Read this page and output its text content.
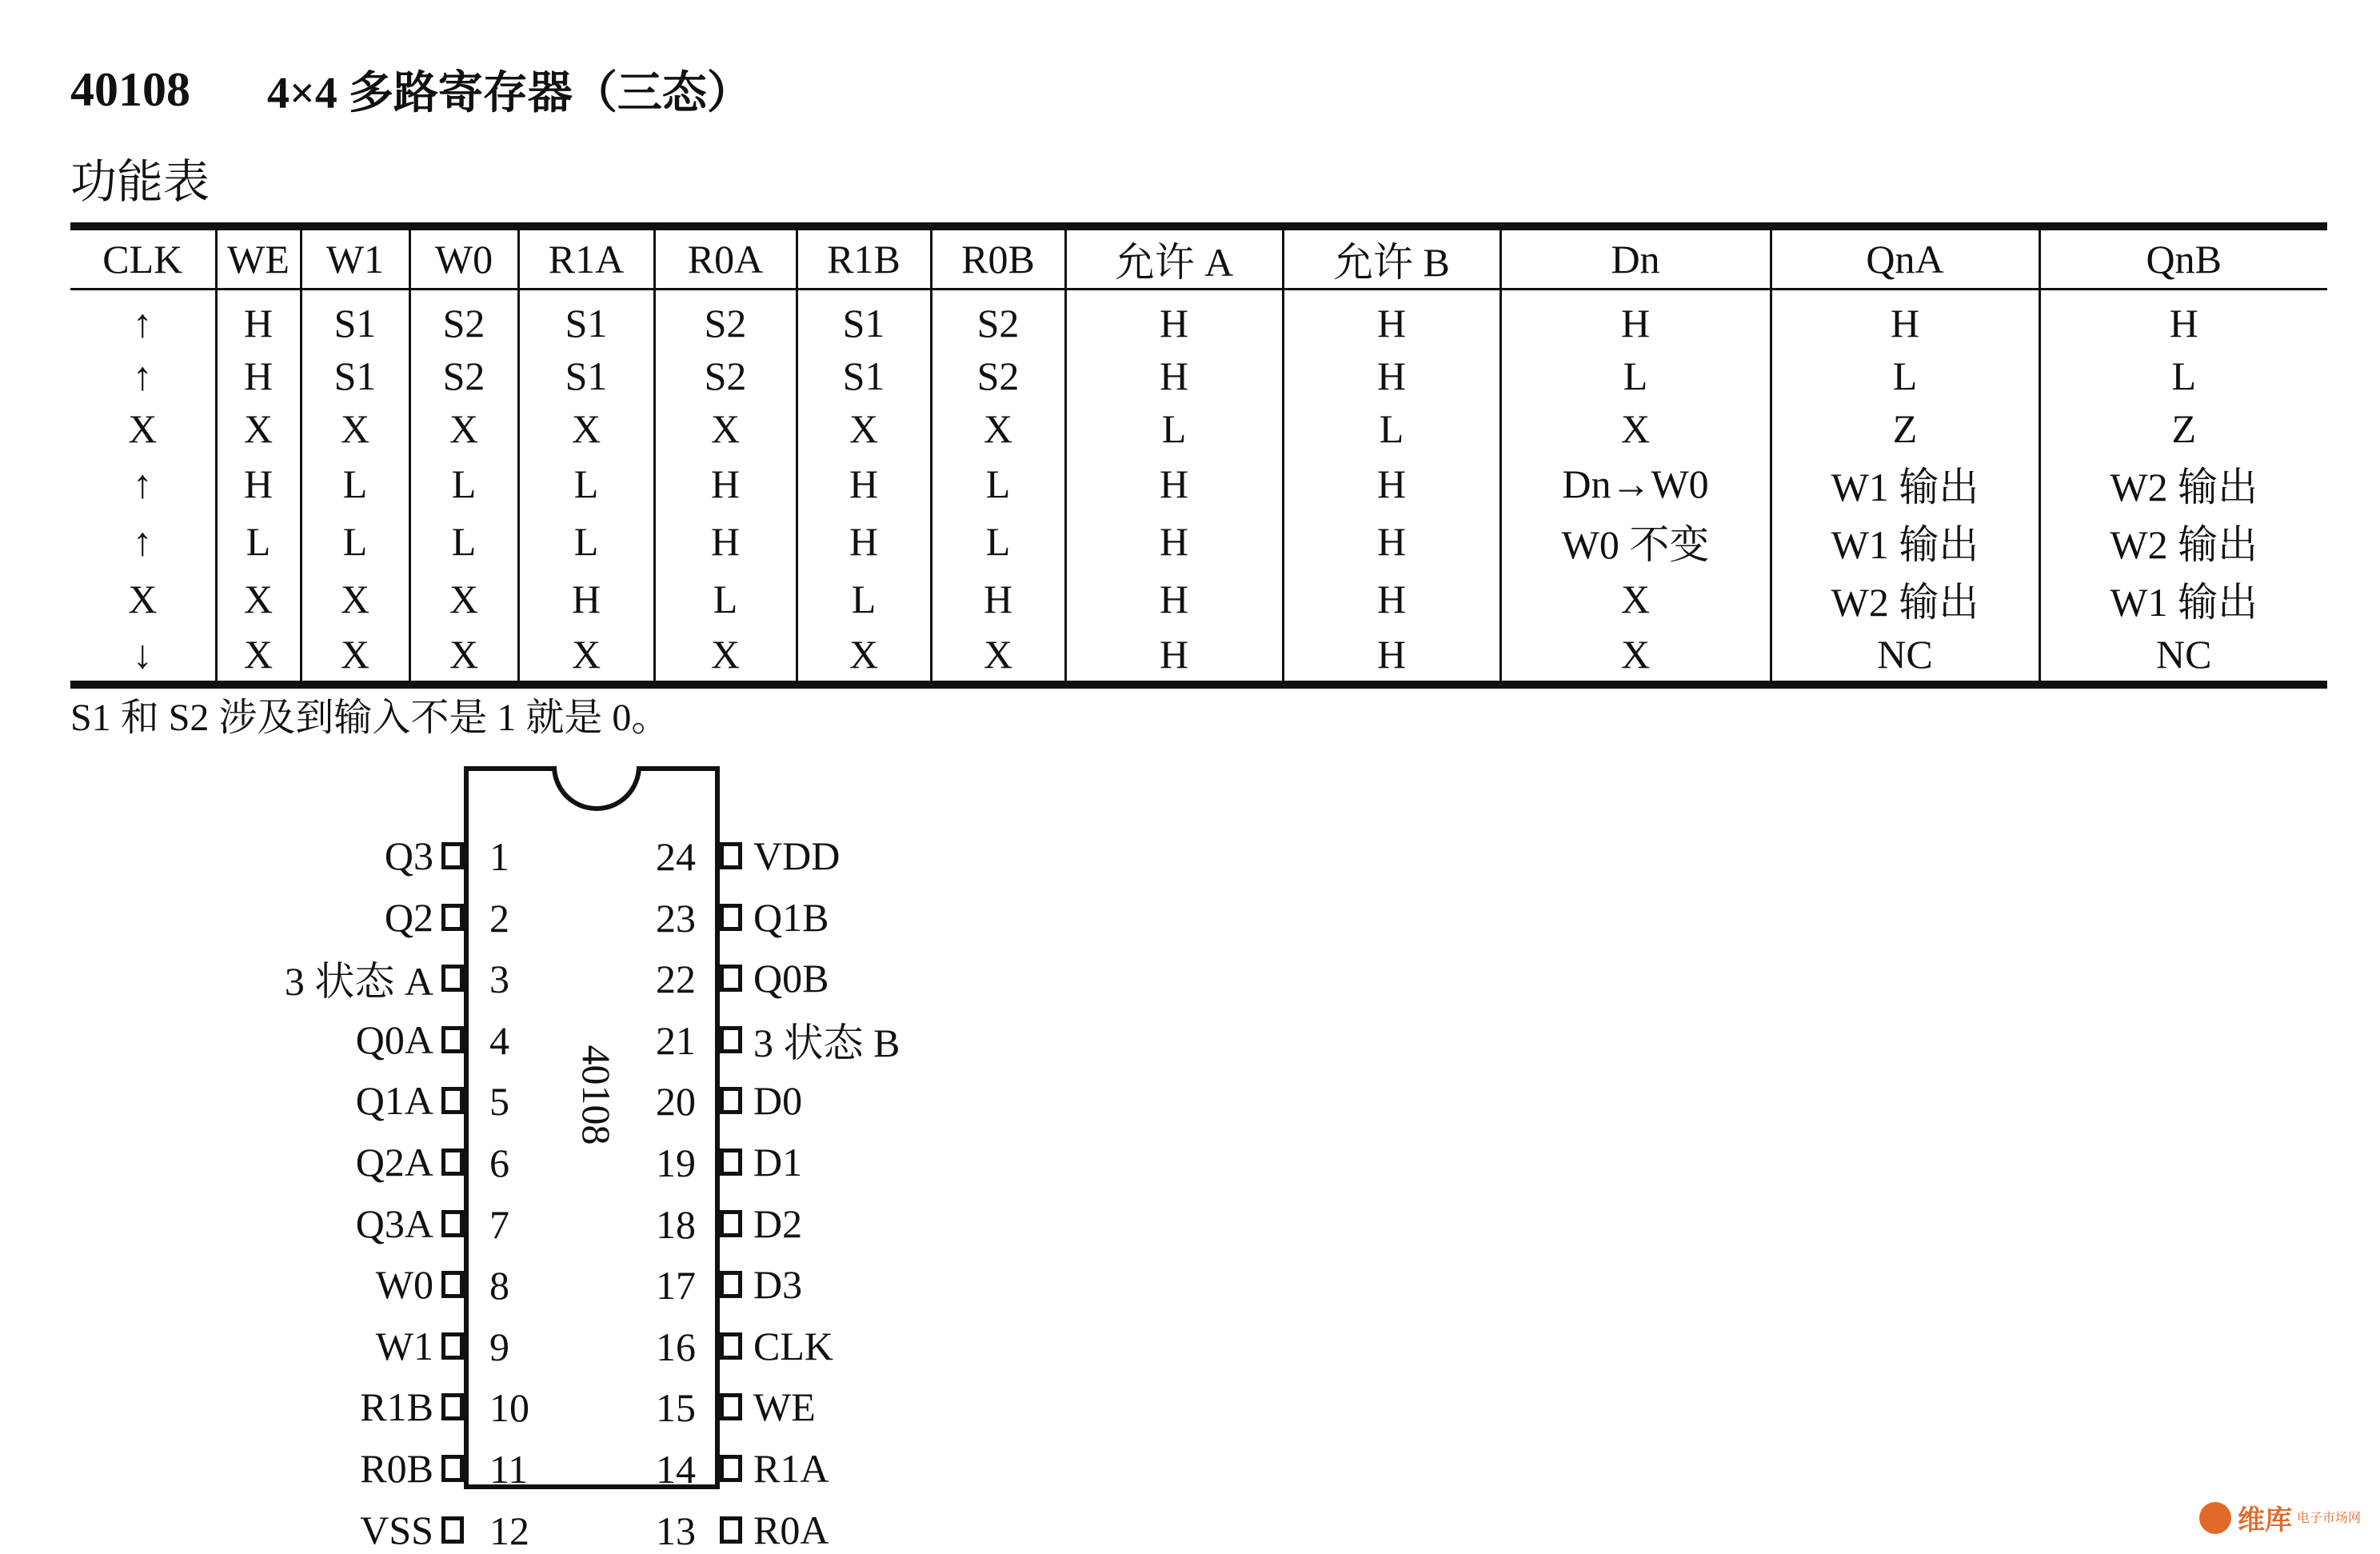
40108 4×4 多路寄存器（三态）
功能表
CLK	WE	W1	W0	R1A	R0A	R1B	R0B	允许 A	允许 B	Dn	QnA	QnB
↑	H	S1	S2	S1	S2	S1	S2	H	H	H	H	H
↑	H	S1	S2	S1	S2	S1	S2	H	H	L	L	L
X	X	X	X	X	X	X	X	L	L	X	Z	Z
↑	H	L	L	L	H	H	L	H	H	Dn→W0	W1 输出	W2 输出
↑	L	L	L	L	H	H	L	H	H	W0 不变	W1 输出	W2 输出
X	X	X	X	H	L	L	H	H	H	X	W2 输出	W1 输出
↓	X	X	X	X	X	X	X	H	H	X	NC	NC
S1 和 S2 涉及到输入不是 1 就是 0。
40108
Q3 1
Q2 2
3 状态 A 3
Q0A 4
Q1A 5
Q2A 6
Q3A 7
W0 8
W1 9
R1B 10
R0B 11
VSS 12
VDD
24
Q1B
23
Q0B
22
3 状态 B
21
D0
20
D1
19
D2
18
D3
17
CLK
16
WE
15
R1A
14
R0A
13	维库 电子市场网
